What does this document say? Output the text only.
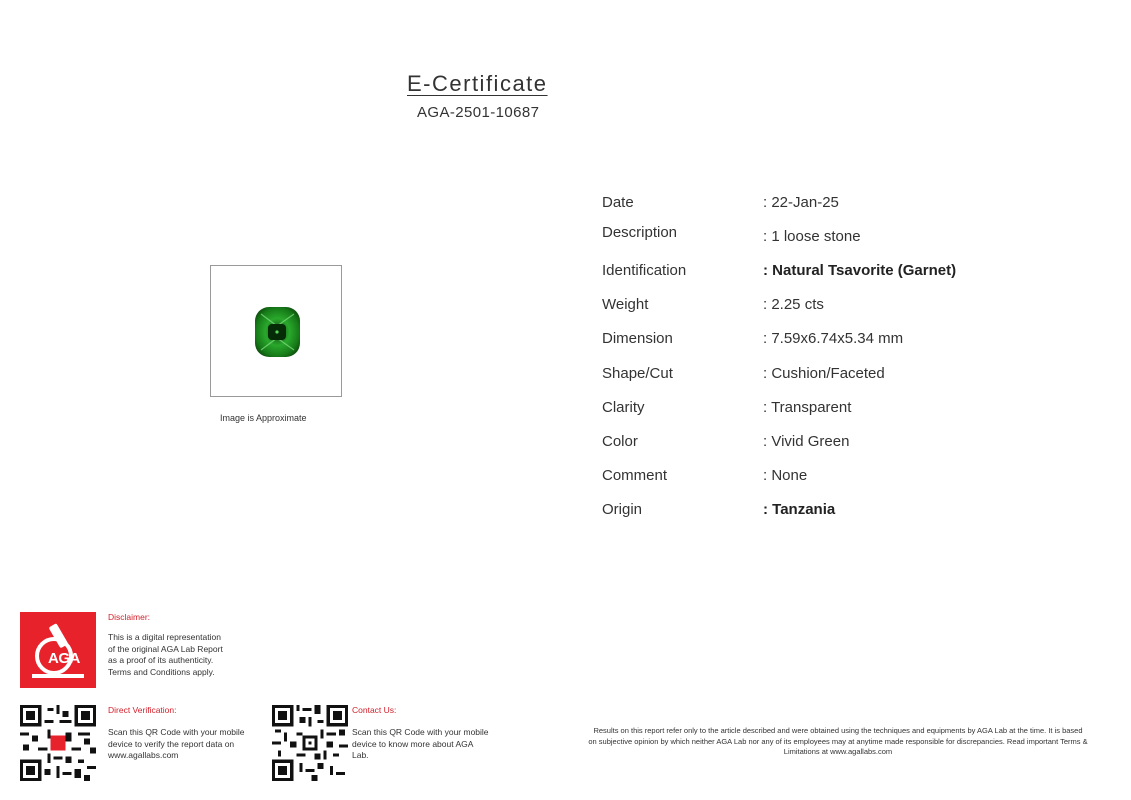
E-Certificate
AGA-2501-10687
Image is Approximate
Date	: 22-Jan-25
Description	: 1 loose stone
Identification	: Natural Tsavorite (Garnet)
Weight	: 2.25 cts
Dimension	: 7.59x6.74x5.34 mm
Shape/Cut	: Cushion/Faceted
Clarity	: Transparent
Color	: Vivid Green
Comment	: None
Origin	: Tanzania
AGA
Disclaimer:
This is a digital representation
of the original AGA Lab Report
as a proof of its authenticity.
Terms and Conditions apply.
Direct Verification:
Scan this QR Code with your mobile
device to verify the report data on
www.agallabs.com
Contact Us:
Scan this QR Code with your mobile
device to know more about AGA
Lab.
Results on this report refer only to the article described and were obtained using the techniques and equipments by AGA Lab at the time. It is based
on subjective opinion by which neither AGA Lab nor any of its employees may at anytime made responsible for discrepancies. Read important Terms &
Limitations at www.agallabs.com
